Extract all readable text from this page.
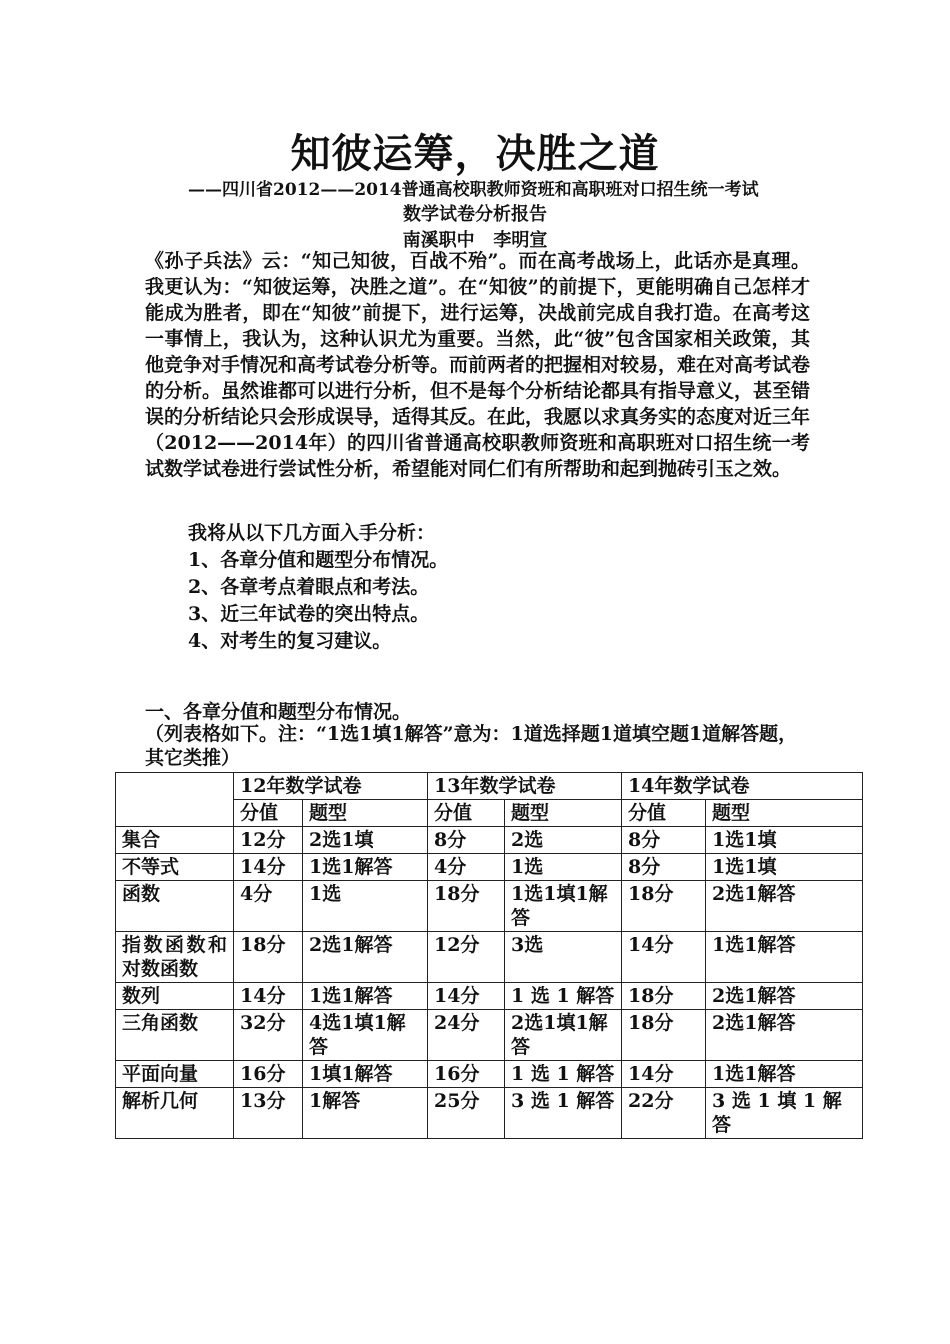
知彼运筹，决胜之道
——四川省2012——2014普通高校职教师资班和高职班对口招生统一考试
数学试卷分析报告
南溪职中   李明宣

《孙子兵法》云：“知己知彼，百战不殆”。而在高考战场上，此话亦是真理。我更认为：“知彼运筹，决胜之道”。在“知彼”的前提下，更能明确自己怎样才能成为胜者，即在“知彼”前提下，进行运筹，决战前完成自我打造。在高考这一事情上，我认为，这种认识尤为重要。当然，此“彼”包含国家相关政策，其他竞争对手情况和高考试卷分析等。而前两者的把握相对较易，难在对高考试卷的分析。虽然谁都可以进行分析，但不是每个分析结论都具有指导意义，甚至错误的分析结论只会形成误导，适得其反。在此，我愿以求真务实的态度对近三年（2012——2014年）的四川省普通高校职教师资班和高职班对口招生统一考试数学试卷进行尝试性分析，希望能对同仁们有所帮助和起到抛砖引玉之效。

我将从以下几方面入手分析：
1、各章分值和题型分布情况。
2、各章考点着眼点和考法。
3、近三年试卷的突出特点。
4、对考生的复习建议。
一、各章分值和题型分布情况。
（列表格如下。注：“1选1填1解答”意为：1道选择题1道填空题1道解答题，其它类推）
	12年数学试卷		13年数学试卷		14年数学试卷	
	分值	题型	分值	题型	分值	题型
集合	12分	2选1填	8分	2选	8分	1选1填
不等式	14分	1选1解答	4分	1选	8分	1选1填
函数	4分	1选	18分	1选1填1解答	18分	2选1解答
指数函数和对数函数	18分	2选1解答	12分	3选	14分	1选1解答
数列	14分	1选1解答	14分	1 选 1 解答	18分	2选1解答
三角函数	32分	4选1填1解答	24分	2选1填1解答	18分	2选1解答
平面向量	16分	1填1解答	16分	1 选 1 解答	14分	1选1解答
解析几何	13分	1解答	25分	3 选 1 解答	22分	3 选 1 填 1 解答
